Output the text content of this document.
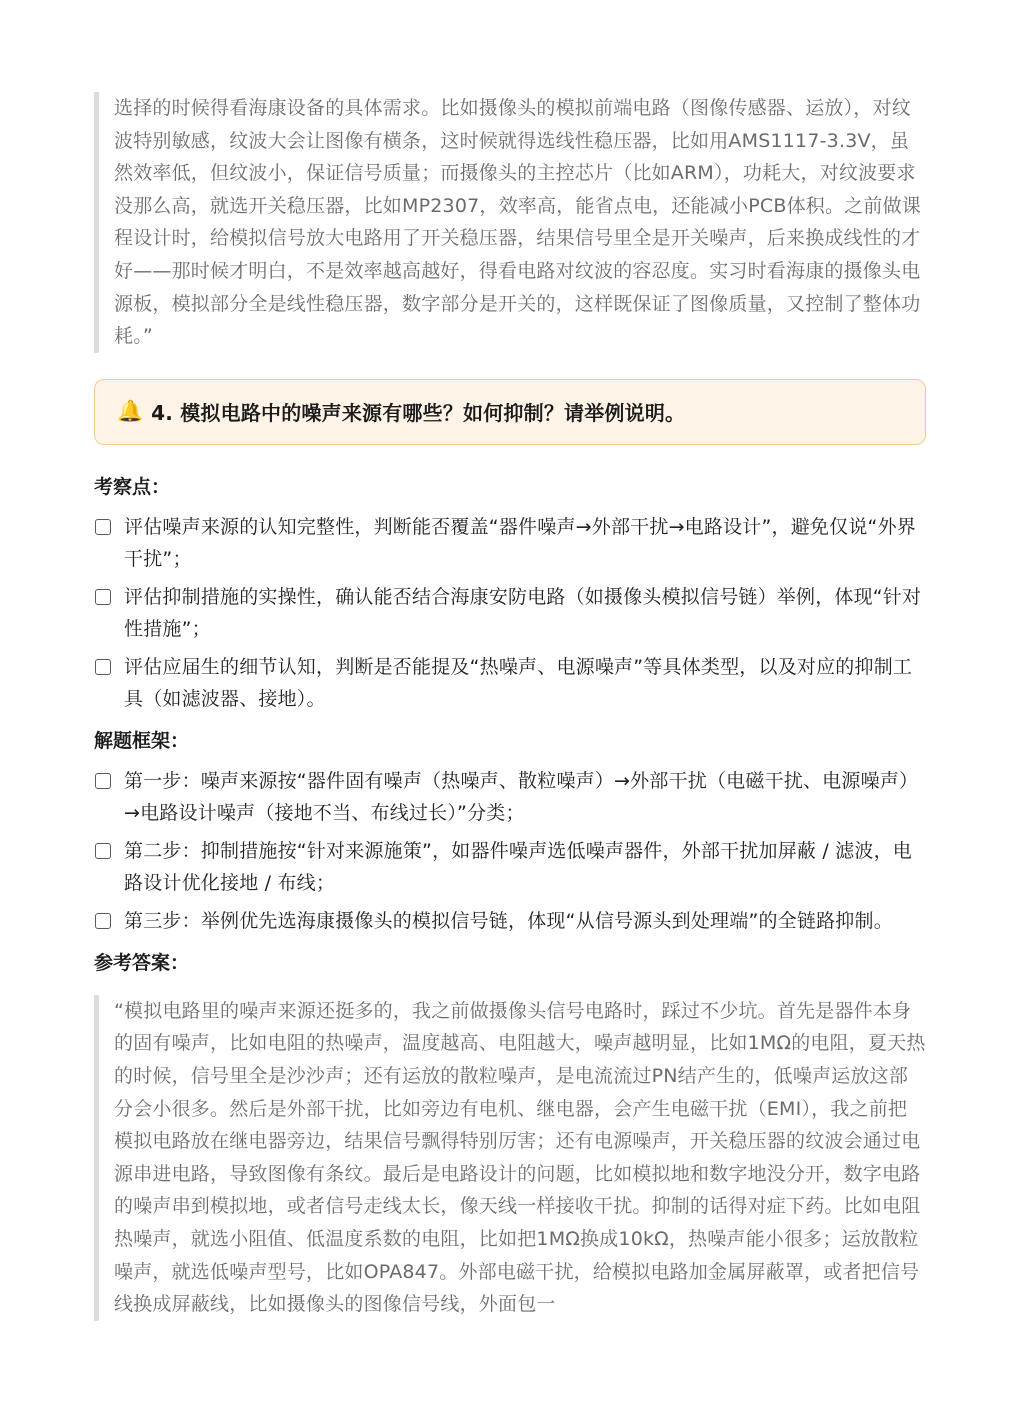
选择的时候得看海康设备的具体需求。比如摄像头的模拟前端电路（图像传感器、运放），对纹波特别敏感，纹波大会让图像有横条，这时候就得选线性稳压器，比如用AMS1117-3.3V，虽然效率低，但纹波小，保证信号质量；而摄像头的主控芯片（比如ARM），功耗大，对纹波要求没那么高，就选开关稳压器，比如MP2307，效率高，能省点电，还能减小PCB体积。之前做课程设计时，给模拟信号放大电路用了开关稳压器，结果信号里全是开关噪声，后来换成线性的才好——那时候才明白，不是效率越高越好，得看电路对纹波的容忍度。实习时看海康的摄像头电源板，模拟部分全是线性稳压器，数字部分是开关的，这样既保证了图像质量，又控制了整体功耗。”

🔔 4. 模拟电路中的噪声来源有哪些？如何抑制？请举例说明。

考察点：

评估噪声来源的认知完整性，判断能否覆盖“器件噪声→外部干扰→电路设计”，避免仅说“外界干扰”；
评估抑制措施的实操性，确认能否结合海康安防电路（如摄像头模拟信号链）举例，体现“针对性措施”；
评估应届生的细节认知，判断是否能提及“热噪声、电源噪声”等具体类型，以及对应的抑制工具（如滤波器、接地）。

解题框架：

第一步：噪声来源按“器件固有噪声（热噪声、散粒噪声）→外部干扰（电磁干扰、电源噪声）→电路设计噪声（接地不当、布线过长）”分类；
第二步：抑制措施按“针对来源施策”，如器件噪声选低噪声器件，外部干扰加屏蔽 / 滤波，电路设计优化接地 / 布线；
第三步：举例优先选海康摄像头的模拟信号链，体现“从信号源头到处理端”的全链路抑制。

参考答案：

“模拟电路里的噪声来源还挺多的，我之前做摄像头信号电路时，踩过不少坑。首先是器件本身的固有噪声，比如电阻的热噪声，温度越高、电阻越大，噪声越明显，比如1MΩ的电阻，夏天热的时候，信号里全是沙沙声；还有运放的散粒噪声，是电流流过PN结产生的，低噪声运放这部分会小很多。然后是外部干扰，比如旁边有电机、继电器，会产生电磁干扰（EMI），我之前把模拟电路放在继电器旁边，结果信号飘得特别厉害；还有电源噪声，开关稳压器的纹波会通过电源串进电路，导致图像有条纹。最后是电路设计的问题，比如模拟地和数字地没分开，数字电路的噪声串到模拟地，或者信号走线太长，像天线一样接收干扰。抑制的话得对症下药。比如电阻热噪声，就选小阻值、低温度系数的电阻，比如把1MΩ换成10kΩ，热噪声能小很多；运放散粒噪声，就选低噪声型号，比如OPA847。外部电磁干扰，给模拟电路加金属屏蔽罩，或者把信号线换成屏蔽线，比如摄像头的图像信号线，外面包一
